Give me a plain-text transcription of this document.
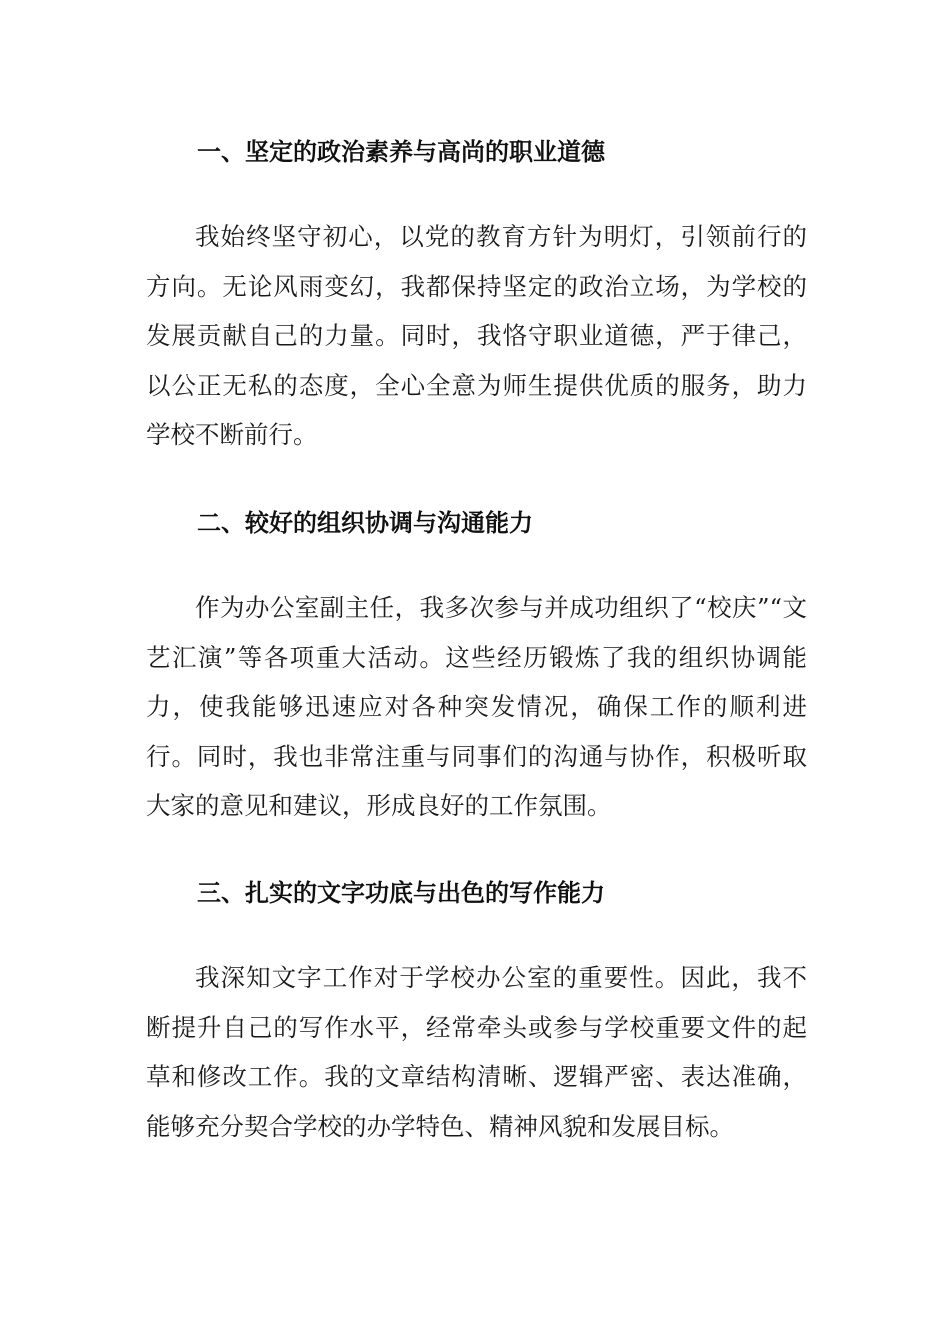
一、坚定的政治素养与高尚的职业道德

我始终坚守初心，以党的教育方针为明灯，引领前行的方向。无论风雨变幻，我都保持坚定的政治立场，为学校的发展贡献自己的力量。同时，我恪守职业道德，严于律己，以公正无私的态度，全心全意为师生提供优质的服务，助力学校不断前行。

二、较好的组织协调与沟通能力

作为办公室副主任，我多次参与并成功组织了“校庆”“文艺汇演”等各项重大活动。这些经历锻炼了我的组织协调能力，使我能够迅速应对各种突发情况，确保工作的顺利进行。同时，我也非常注重与同事们的沟通与协作，积极听取大家的意见和建议，形成良好的工作氛围。

三、扎实的文字功底与出色的写作能力

我深知文字工作对于学校办公室的重要性。因此，我不断提升自己的写作水平，经常牵头或参与学校重要文件的起草和修改工作。我的文章结构清晰、逻辑严密、表达准确，能够充分契合学校的办学特色、精神风貌和发展目标。
